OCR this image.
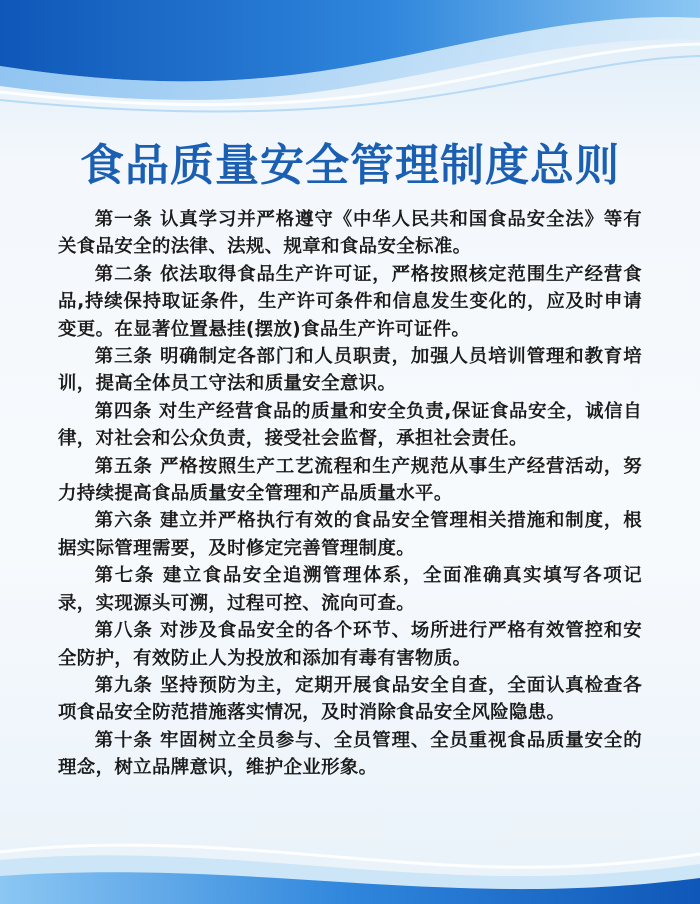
食品质量安全管理制度总则

第一条 认真学习并严格遵守《中华人民共和国食品安全法》等有关食品安全的法律、法规、规章和食品安全标准。

第二条 依法取得食品生产许可证，严格按照核定范围生产经营食品,持续保持取证条件，生产许可条件和信息发生变化的，应及时申请变更。在显著位置悬挂(摆放)食品生产许可证件。

第三条 明确制定各部门和人员职责，加强人员培训管理和教育培训，提高全体员工守法和质量安全意识。

第四条 对生产经营食品的质量和安全负责,保证食品安全，诚信自律，对社会和公众负责，接受社会监督，承担社会责任。

第五条 严格按照生产工艺流程和生产规范从事生产经营活动，努力持续提高食品质量安全管理和产品质量水平。

第六条 建立并严格执行有效的食品安全管理相关措施和制度，根据实际管理需要，及时修定完善管理制度。

第七条 建立食品安全追溯管理体系，全面准确真实填写各项记录，实现源头可溯，过程可控、流向可查。

第八条 对涉及食品安全的各个环节、场所进行严格有效管控和安全防护，有效防止人为投放和添加有毒有害物质。

第九条 坚持预防为主，定期开展食品安全自查，全面认真检查各项食品安全防范措施落实情况，及时消除食品安全风险隐患。

第十条 牢固树立全员参与、全员管理、全员重视食品质量安全的理念，树立品牌意识，维护企业形象。
